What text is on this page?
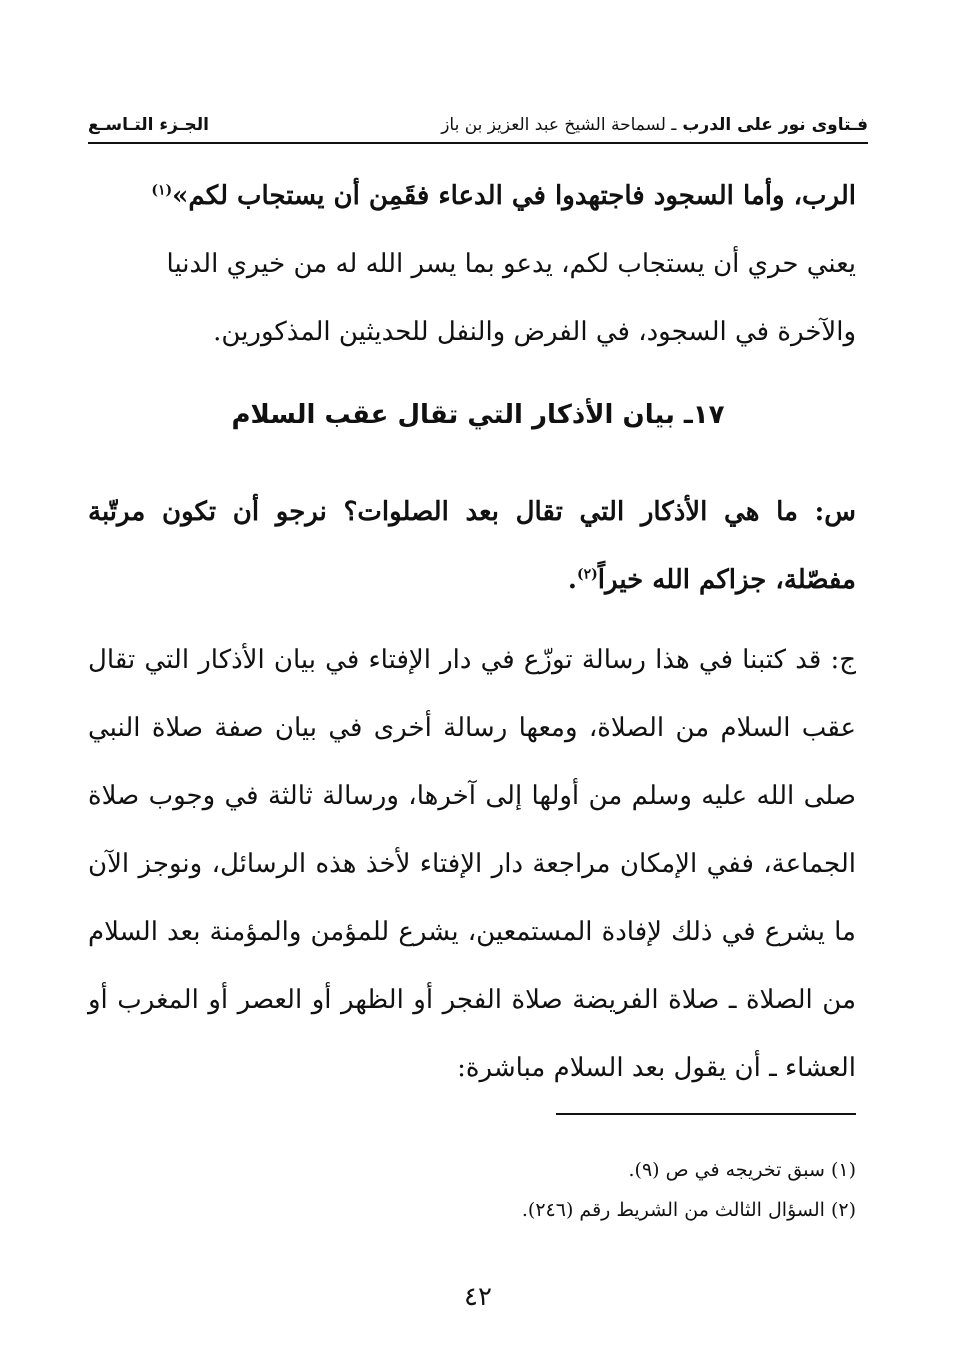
فـتاوى نور على الدرب
ـ لسماحة الشيخ عبد العزيز بن باز
الجـزء التـاسـع
الرب، وأما السجود فاجتهدوا في الدعاء فقَمِن أن يستجاب لكم»$^{(١)}$
يعني حري أن يستجاب لكم، يدعو بما يسر الله له من خيري الدنيا
والآخرة في السجود، في الفرض والنفل للحديثين المذكورين.
١٧ـ بيان الأذكار التي تقال عقب السلام
س: ما هي الأذكار التي تقال بعد الصلوات؟ نرجو أن تكون مرتّبة مفصّلة، جزاكم الله خيراً$^{(٢)}$.
ج: قد كتبنا في هذا رسالة توزّع في دار الإفتاء في بيان الأذكار التي تقال عقب السلام من الصلاة، ومعها رسالة أخرى في بيان صفة صلاة النبي صلى الله عليه وسلم من أولها إلى آخرها، ورسالة ثالثة في وجوب صلاة الجماعة، ففي الإمكان مراجعة دار الإفتاء لأخذ هذه الرسائل، ونوجز الآن ما يشرع في ذلك لإفادة المستمعين، يشرع للمؤمن والمؤمنة بعد السلام من الصلاة ـ صلاة الفريضة صلاة الفجر أو الظهر أو العصر أو المغرب أو العشاء ـ أن يقول بعد السلام مباشرة:
(١) سبق تخريجه في ص (٩).
(٢) السؤال الثالث من الشريط رقم (٢٤٦).
٤٢
